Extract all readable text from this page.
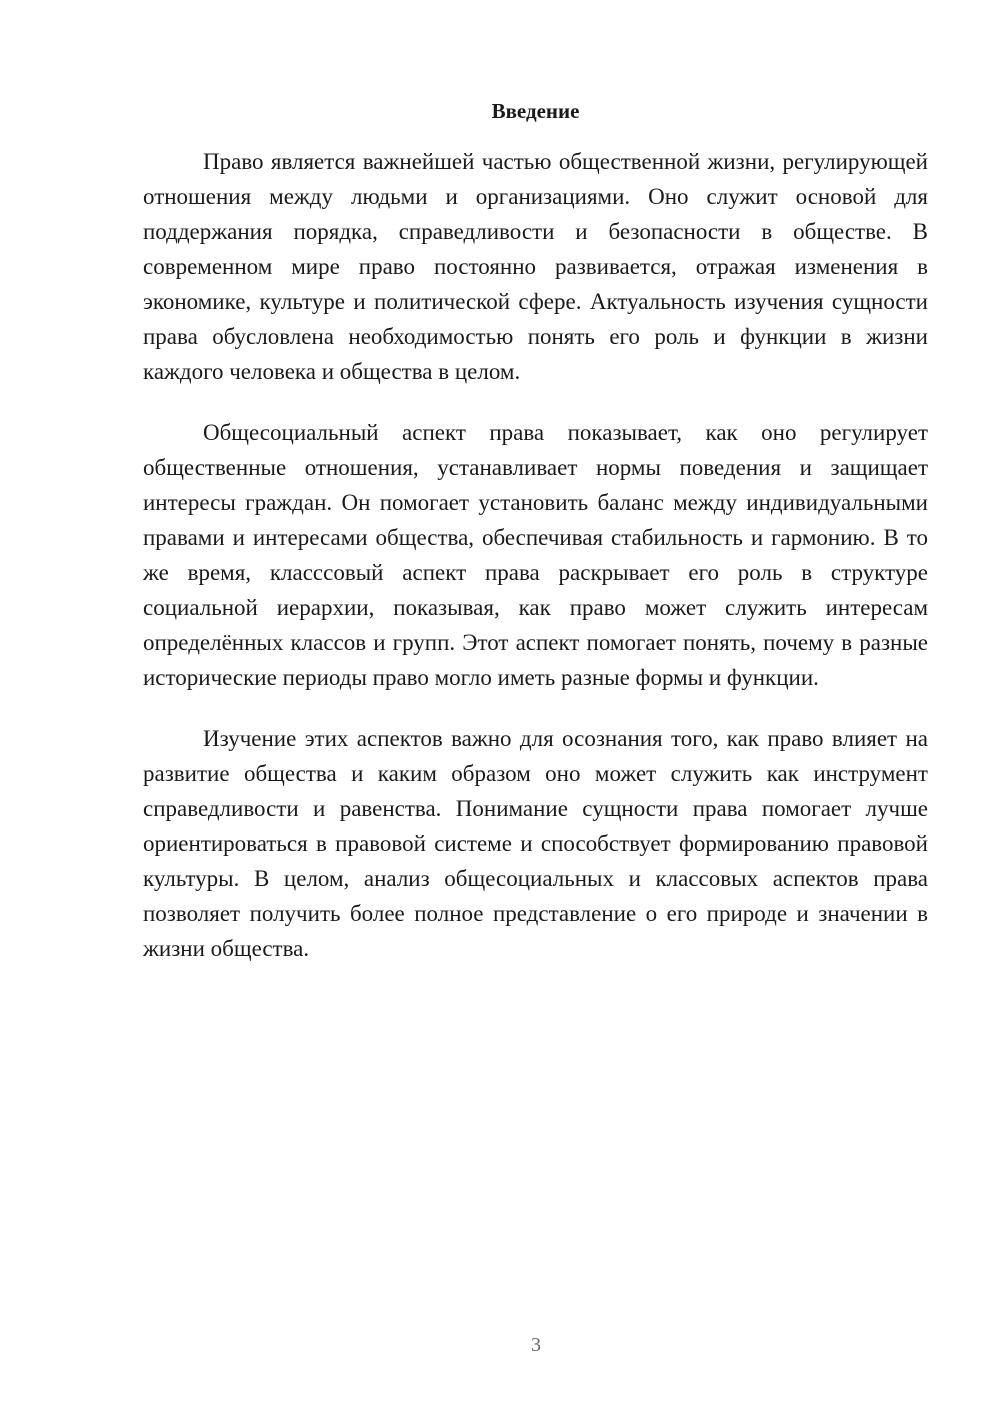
Введение

Право является важнейшей частью общественной жизни, регулирующей отношения между людьми и организациями. Оно служит основой для поддержания порядка, справедливости и безопасности в обществе. В современном мире право постоянно развивается, отражая изменения в экономике, культуре и политической сфере. Актуальность изучения сущности права обусловлена необходимостью понять его роль и функции в жизни каждого человека и общества в целом.

Общесоциальный аспект права показывает, как оно регулирует общественные отношения, устанавливает нормы поведения и защищает интересы граждан. Он помогает установить баланс между индивидуальными правами и интересами общества, обеспечивая стабильность и гармонию. В то же время, классcовый аспект права раскрывает его роль в структуре социальной иерархии, показывая, как право может служить интересам определённых классов и групп. Этот аспект помогает понять, почему в разные исторические периоды право могло иметь разные формы и функции.

Изучение этих аспектов важно для осознания того, как право влияет на развитие общества и каким образом оно может служить как инструмент справедливости и равенства. Понимание сущности права помогает лучше ориентироваться в правовой системе и способствует формированию правовой культуры. В целом, анализ общесоциальных и классовых аспектов права позволяет получить более полное представление о его природе и значении в жизни общества.

3
